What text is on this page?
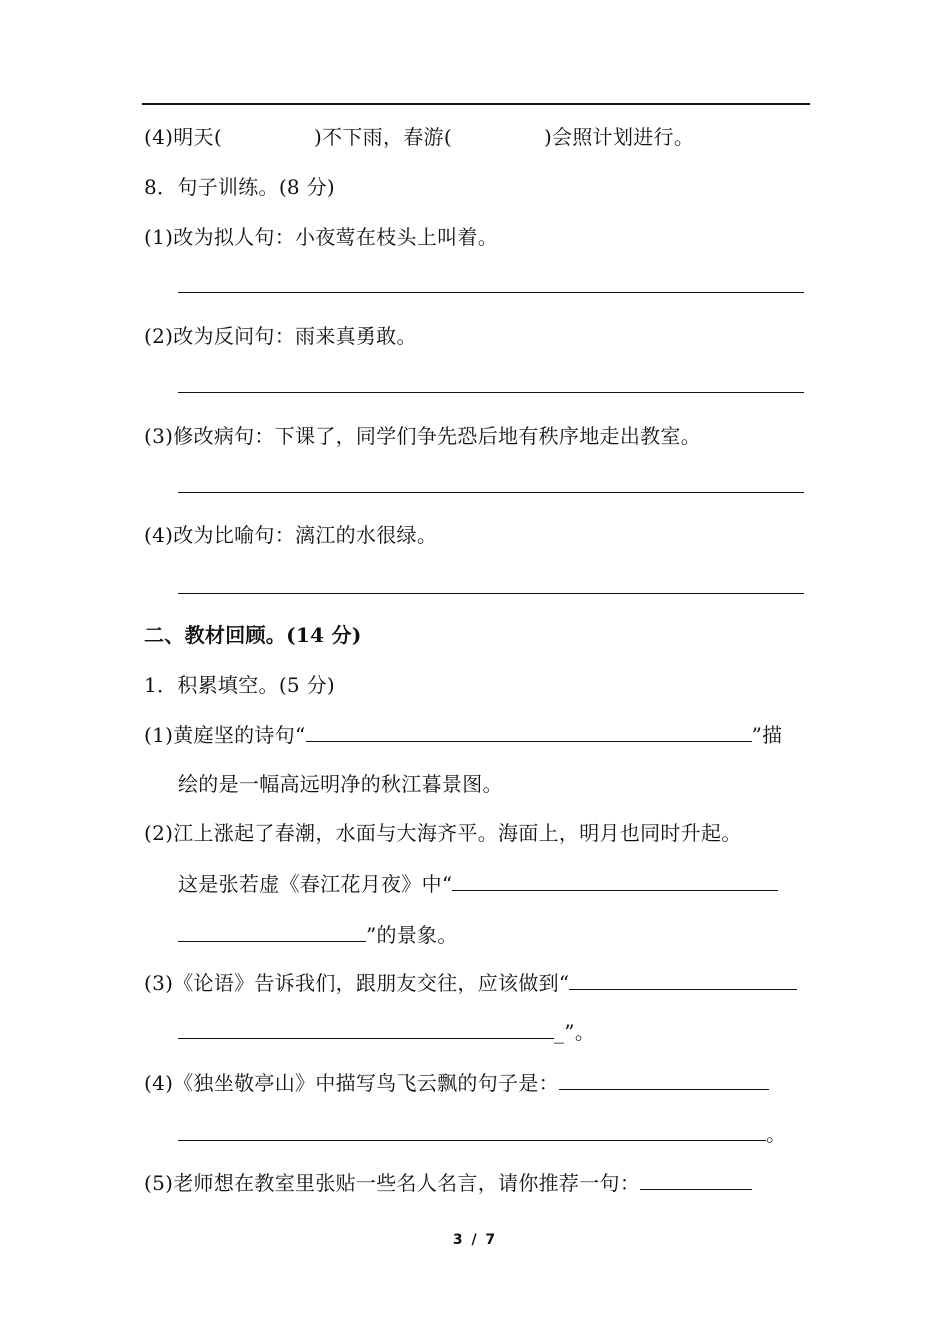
(4)明天(	)不下雨，春游(	)会照计划进行。
8．句子训练。(8 分)
(1)改为拟人句：小夜莺在枝头上叫着。
(2)改为反问句：雨来真勇敢。
(3)修改病句：下课了，同学们争先恐后地有秩序地走出教室。
(4)改为比喻句：漓江的水很绿。
二、教材回顾。(14 分)
1．积累填空。(5 分)
(1)黄庭坚的诗句“	”描
绘的是一幅高远明净的秋江暮景图。
(2)江上涨起了春潮，水面与大海齐平。海面上，明月也同时升起。
这是张若虚《春江花月夜》中“
”的景象。
(3)《论语》告诉我们，跟朋友交往，应该做到“
_”。
(4)《独坐敬亭山》中描写鸟飞云飘的句子是：
。
(5)老师想在教室里张贴一些名人名言，请你推荐一句：
3 / 7
